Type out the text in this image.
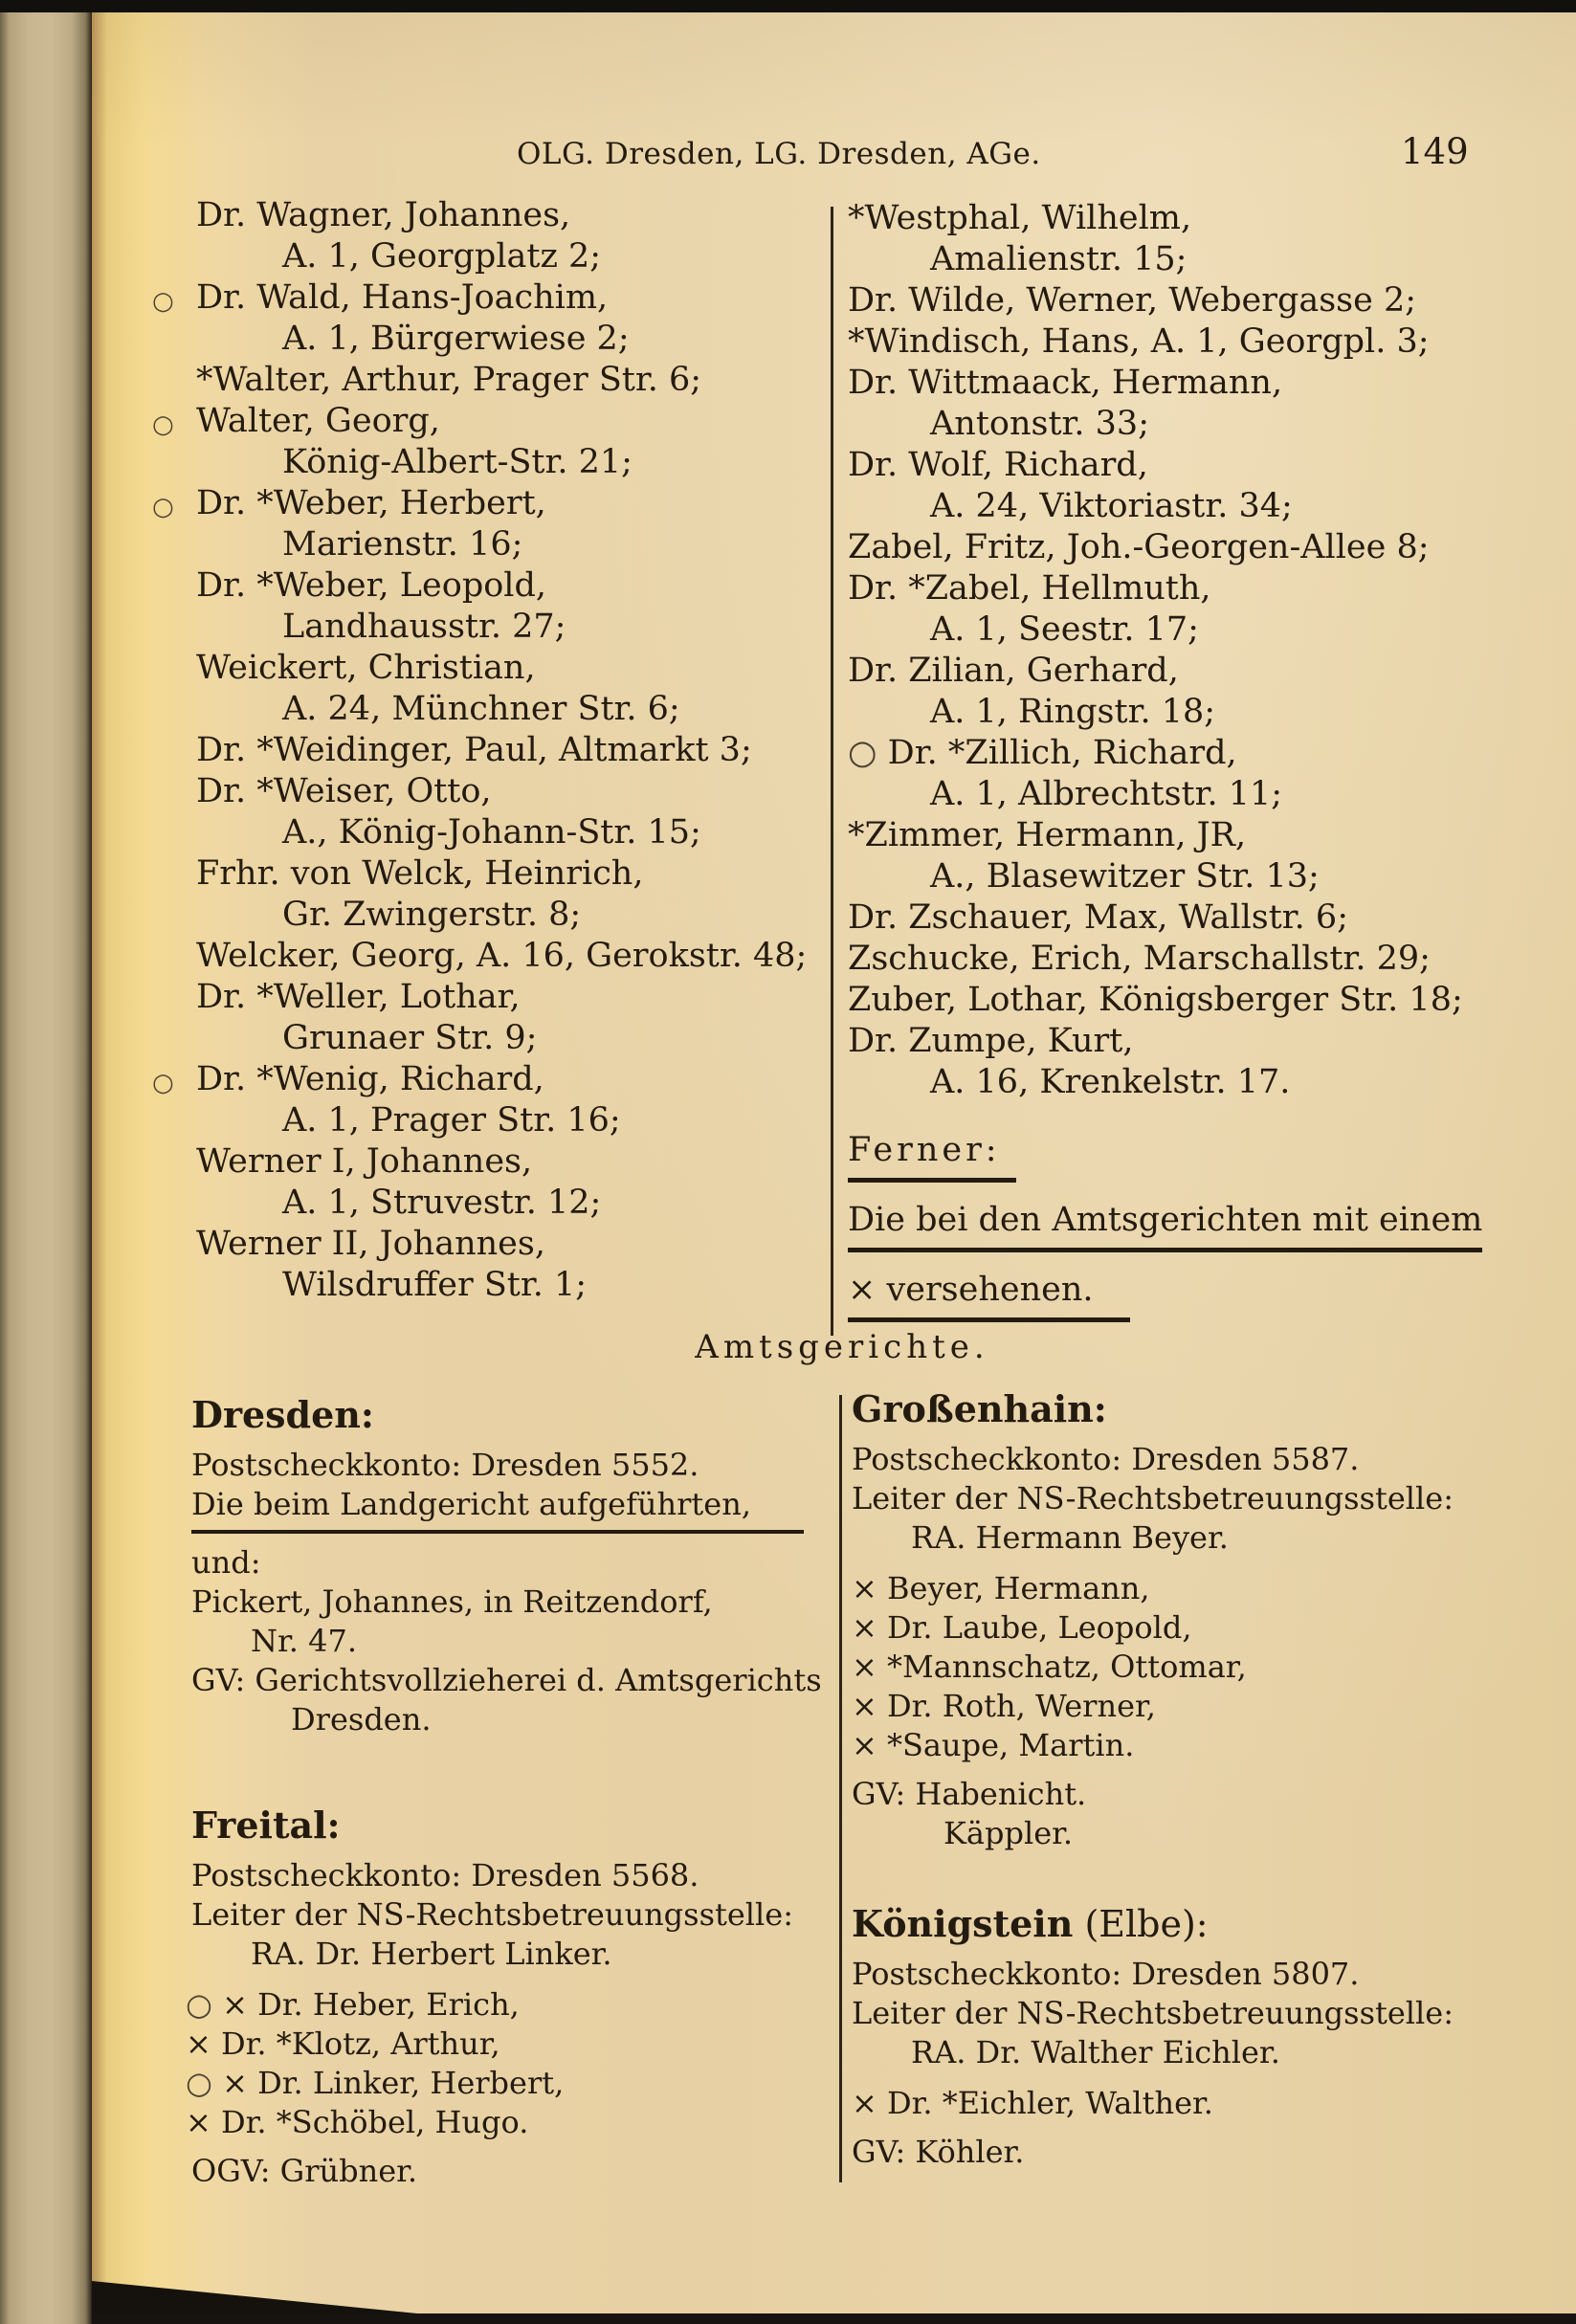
OLG. Dresden, LG. Dresden, AGe.	149
Dr. Wagner, Johannes,
A. 1, Georgplatz 2;
○ Dr. Wald, Hans-Joachim,
A. 1, Bürgerwiese 2;
*Walter, Arthur, Prager Str. 6;
○ Walter, Georg,
König-Albert-Str. 21;
○ Dr. *Weber, Herbert,
Marienstr. 16;
Dr. *Weber, Leopold,
Landhausstr. 27;
Weickert, Christian,
A. 24, Münchner Str. 6;
Dr. *Weidinger, Paul, Altmarkt 3;
Dr. *Weiser, Otto,
A., König-Johann-Str. 15;
Frhr. von Welck, Heinrich,
Gr. Zwingerstr. 8;
Welcker, Georg, A. 16, Gerokstr. 48;
Dr. *Weller, Lothar,
Grunaer Str. 9;
○ Dr. *Wenig, Richard,
A. 1, Prager Str. 16;
Werner I, Johannes,
A. 1, Struvestr. 12;
Werner II, Johannes,
Wilsdruffer Str. 1;
*Westphal, Wilhelm,
Amalienstr. 15;
Dr. Wilde, Werner, Webergasse 2;
*Windisch, Hans, A. 1, Georgpl. 3;
Dr. Wittmaack, Hermann,
Antonstr. 33;
Dr. Wolf, Richard,
A. 24, Viktoriastr. 34;
Zabel, Fritz, Joh.-Georgen-Allee 8;
Dr. *Zabel, Hellmuth,
A. 1, Seestr. 17;
Dr. Zilian, Gerhard,
A. 1, Ringstr. 18;
○ Dr. *Zillich, Richard,
A. 1, Albrechtstr. 11;
*Zimmer, Hermann, JR,
A., Blasewitzer Str. 13;
Dr. Zschauer, Max, Wallstr. 6;
Zschucke, Erich, Marschallstr. 29;
Zuber, Lothar, Königsberger Str. 18;
Dr. Zumpe, Kurt,
A. 16, Krenkelstr. 17.
Ferner:
Die bei den Amtsgerichten mit einem
× versehenen.
Amtsgerichte.
Dresden:
Postscheckkonto: Dresden 5552.
Die beim Landgericht aufgeführten,
und:
Pickert, Johannes, in Reitzendorf,
Nr. 47.
GV: Gerichtsvollzieherei d. Amtsgerichts
Dresden.
Freital:
Postscheckkonto: Dresden 5568.
Leiter der NS-Rechtsbetreuungsstelle:
RA. Dr. Herbert Linker.
○ × Dr. Heber, Erich,
× Dr. *Klotz, Arthur,
○ × Dr. Linker, Herbert,
× Dr. *Schöbel, Hugo.
OGV: Grübner.
Großenhain:
Postscheckkonto: Dresden 5587.
Leiter der NS-Rechtsbetreuungsstelle:
RA. Hermann Beyer.
× Beyer, Hermann,
× Dr. Laube, Leopold,
× *Mannschatz, Ottomar,
× Dr. Roth, Werner,
× *Saupe, Martin.
GV: Habenicht.
Käppler.
Königstein (Elbe):
Postscheckkonto: Dresden 5807.
Leiter der NS-Rechtsbetreuungsstelle:
RA. Dr. Walther Eichler.
× Dr. *Eichler, Walther.
GV: Köhler.
